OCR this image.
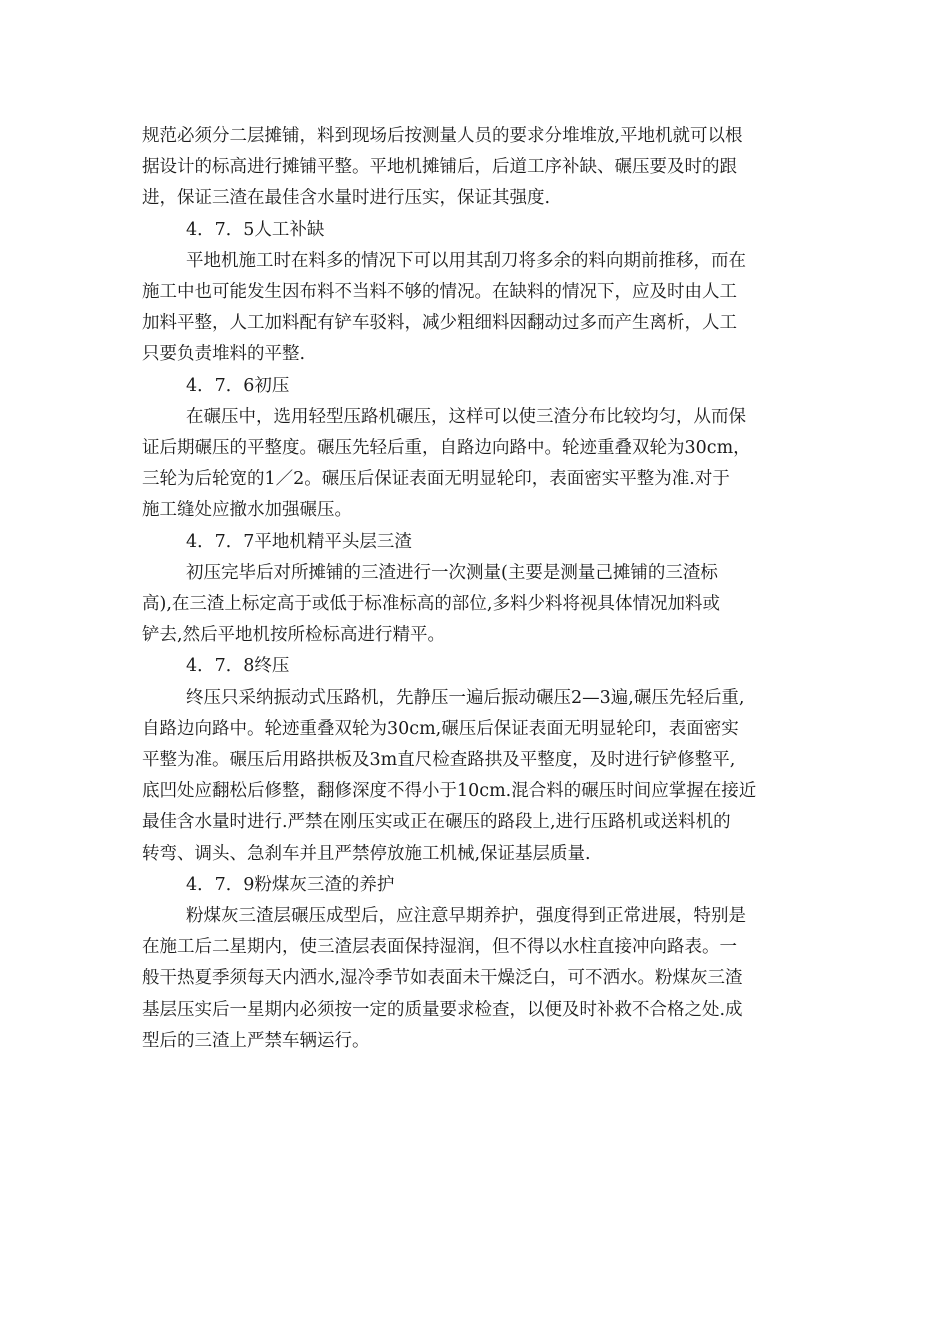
规范必须分二层摊铺，料到现场后按测量人员的要求分堆堆放,平地机就可以根
据设计的标高进行摊铺平整。平地机摊铺后，后道工序补缺、碾压要及时的跟
进，保证三渣在最佳含水量时进行压实，保证其强度.

4．7．5人工补缺

平地机施工时在料多的情况下可以用其刮刀将多余的料向期前推移，而在
施工中也可能发生因布料不当料不够的情况。在缺料的情况下，应及时由人工
加料平整，人工加料配有铲车驳料，减少粗细料因翻动过多而产生离析，人工
只要负责堆料的平整.

4．7．6初压

在碾压中，选用轻型压路机碾压，这样可以使三渣分布比较均匀，从而保
证后期碾压的平整度。碾压先轻后重，自路边向路中。轮迹重叠双轮为30cm，
三轮为后轮宽的1／2。碾压后保证表面无明显轮印，表面密实平整为准.对于
施工缝处应撤水加强碾压。

4．7．7平地机精平头层三渣

初压完毕后对所摊铺的三渣进行一次测量(主要是测量己摊铺的三渣标
高),在三渣上标定高于或低于标准标高的部位,多料少料将视具体情况加料或
铲去,然后平地机按所检标高进行精平。

4．7．8终压

终压只采纳振动式压路机，先静压一遍后振动碾压2—3遍,碾压先轻后重,
自路边向路中。轮迹重叠双轮为30cm,碾压后保证表面无明显轮印，表面密实
平整为准。碾压后用路拱板及3m直尺检查路拱及平整度，及时进行铲修整平,
底凹处应翻松后修整，翻修深度不得小于10cm.混合料的碾压时间应掌握在接近
最佳含水量时进行.严禁在刚压实或正在碾压的路段上,进行压路机或送料机的
转弯、调头、急刹车并且严禁停放施工机械,保证基层质量.

4．7．9粉煤灰三渣的养护

粉煤灰三渣层碾压成型后，应注意早期养护，强度得到正常进展，特别是
在施工后二星期内，使三渣层表面保持湿润，但不得以水柱直接冲向路表。一
般干热夏季须每天内洒水,湿冷季节如表面未干燥泛白，可不洒水。粉煤灰三渣
基层压实后一星期内必须按一定的质量要求检查，以便及时补救不合格之处.成
型后的三渣上严禁车辆运行。
